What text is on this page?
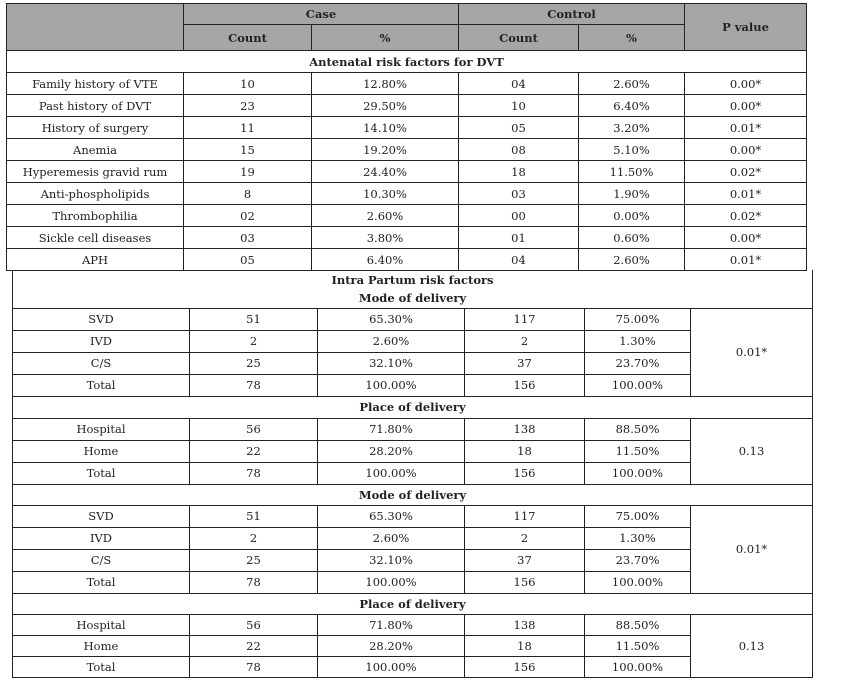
	Case		Control		P value
	Count	%	Count	%	
Antenatal risk factors for DVT					
Family history of VTE	10	12.80%	04	2.60%	0.00*
Past history of DVT	23	29.50%	10	6.40%	0.00*
History of surgery	11	14.10%	05	3.20%	0.01*
Anemia	15	19.20%	08	5.10%	0.00*
Hyperemesis gravid rum	19	24.40%	18	11.50%	0.02*
Anti-phospholipids	8	10.30%	03	1.90%	0.01*
Thrombophilia	02	2.60%	00	0.00%	0.02*
Sickle cell diseases	03	3.80%	01	0.60%	0.00*
APH	05	6.40%	04	2.60%	0.01*
Intra Partum risk factors					
Mode of delivery					
SVD	51	65.30%	117	75.00%	0.01*
IVD	2	2.60%	2	1.30%	
C/S	25	32.10%	37	23.70%	
Total	78	100.00%	156	100.00%	
Place of delivery					
Hospital	56	71.80%	138	88.50%	0.13
Home	22	28.20%	18	11.50%	
Total	78	100.00%	156	100.00%	
Mode of delivery					
SVD	51	65.30%	117	75.00%	0.01*
IVD	2	2.60%	2	1.30%	
C/S	25	32.10%	37	23.70%	
Total	78	100.00%	156	100.00%	
Place of delivery					
Hospital	56	71.80%	138	88.50%	0.13
Home	22	28.20%	18	11.50%	
Total	78	100.00%	156	100.00%	
